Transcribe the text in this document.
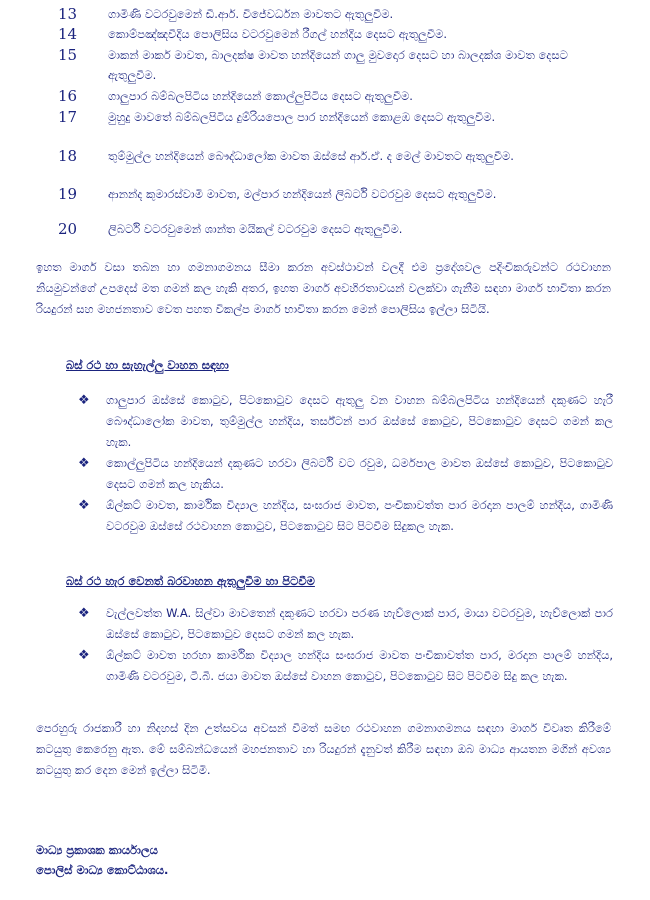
13	ගාමිණි වටරවුමෙන් ඩී.ආර්. විජේවර්ධන මාවතට ඇතුලුවීම.
14	කොම්පඤ්ඤවීදිය පොලිසිය වටරවුමෙන් රීගල් හන්දිය දෙසට ඇතුලුවීම.
15	මාකන් මාකර් මාවත, බාලදක්ෂ මාවත හන්දියෙන් ගාලු මුවදොර දෙසට හා බාලදක්ශ මාවත දෙසට ඇතුලුවීම.
16	ගාලුපාර බම්බලපිටිය හන්දියෙන් කොල්ලුපිටිය දෙසට ඇතුලුවීම.
17	මුහුදු මාවතේ බම්බලපිටිය දුම්රියපොල පාර හන්දියෙන් කොළඹ දෙසට ඇතුලුවීම.
18	තුම්මුල්ල හන්දියෙන් බෞද්ධාලෝක මාවත ඔස්සේ ආර්.ඒ. ද මෙල් මාවතට ඇතුලුවීම.
19	ආනන්ද කුමාරස්වාමි මාවත, මල්පාර හන්දියෙන් ලිබර්ටි වටරවුම දෙසට ඇතුලුවීම.
20	ලිබර්ටි වටරවුමෙන් ශාන්ත මයිකල් වටරවුම දෙසට ඇතුලුවීම.
ඉහත මාර්ග වසා තබන හා ගමනාගමනය සීමා කරන අවස්ථාවන් වලදී එම ප්‍රදේශවල පදිංචිකරුවන්ට රථවාහන නියමුවන්ගේ උපදෙස් මත ගමන් කල හැකි අතර, ඉහත මාර්ග අවහිරතාවයන් වලක්වා ගැනීම සඳහා මාර්ග භාවිතා කරන රියදුරන් සහ මහජනතාව වෙත පහත විකල්ප මාර්ග භාවිතා කරන මෙන් පොලිසිය ඉල්ලා සිටියි.
බස් රථ හා සැහැල්ලු වාහන සඳහා
❖ ගාලුපාර ඔස්සේ කොටුව, පිටකොටුව දෙසට ඇතුලු වන වාහන බම්බලපිටිය හන්දියෙන් දකුණට හැරී බෞද්ධාලෝක මාවත, තුම්මුල්ල හන්දිය, තර්ස්ටන් පාර ඔස්සේ කොටුව, පිටකොටුව දෙසට ගමන් කල හැක.
❖ කොල්ලුපිටිය හන්දියෙන් දකුණට හරවා ලිබර්ටි වට රවුම, ධර්මපාල මාවත ඔස්සේ කොටුව, පිටකොටුව දෙසට ගමන් කල හැකිය.
❖ ඕල්කට් මාවත, කාර්මික විද්‍යාල හන්දිය, සංඝරාජ මාවත, පංචිකාවත්ත පාර මරදාන පාලම් හන්දිය, ගාමිණි වටරවුම ඔස්සේ රථවාහන කොටුව, පිටකොටුව සිට පිටවීම සිදුකල හැක.
බස් රථ හැර වෙනත් බරවාහන ඇතුලුවීම හා පිටවීම
❖ වැල්ලවත්ත W.A. සිල්වා මාවතෙන් දකුණට හරවා පරණ හැව්ලොක් පාර, මායා වටරවුම, හැව්ලොක් පාර ඔස්සේ කොටුව, පිටකොටුව දෙසට ගමන් කල හැක.
❖ ඕල්කට් මාවත හරහා කාර්මික විද්‍යාල හන්දිය සංඝරාජ මාවත පංචිකාවත්ත පාර, මරදාන පාලම් හන්දිය, ගාමිණි වටරවුම, ටී.බී. ජයා මාවත ඔස්සේ වාහන කොටුව, පිටකොටුව සිට පිටවීම සිදු කල හැක.
පෙරහුරු රාජකාරී හා නිදහස් දින උත්සවය අවසන් වීමත් සමඟ රථවාහන ගමනාගමනය සඳහා මාර්ග විවෘත කිරීමේ කටයුතු කෙරෙනු ඇත. මේ සම්බන්ධයෙන් මහජනතාව හා රියදුරන් දැනුවත් කිරීම සඳහා ඔබ මාධ්‍ය ආයතන මගින් අවශ්‍ය කටයුතු කර දෙන මෙන් ඉල්ලා සිටිමි.
මාධ්‍ය ප්‍රකාශක කාර්යාලය
පොලිස් මාධ්‍ය කොට්ඨාශය.
